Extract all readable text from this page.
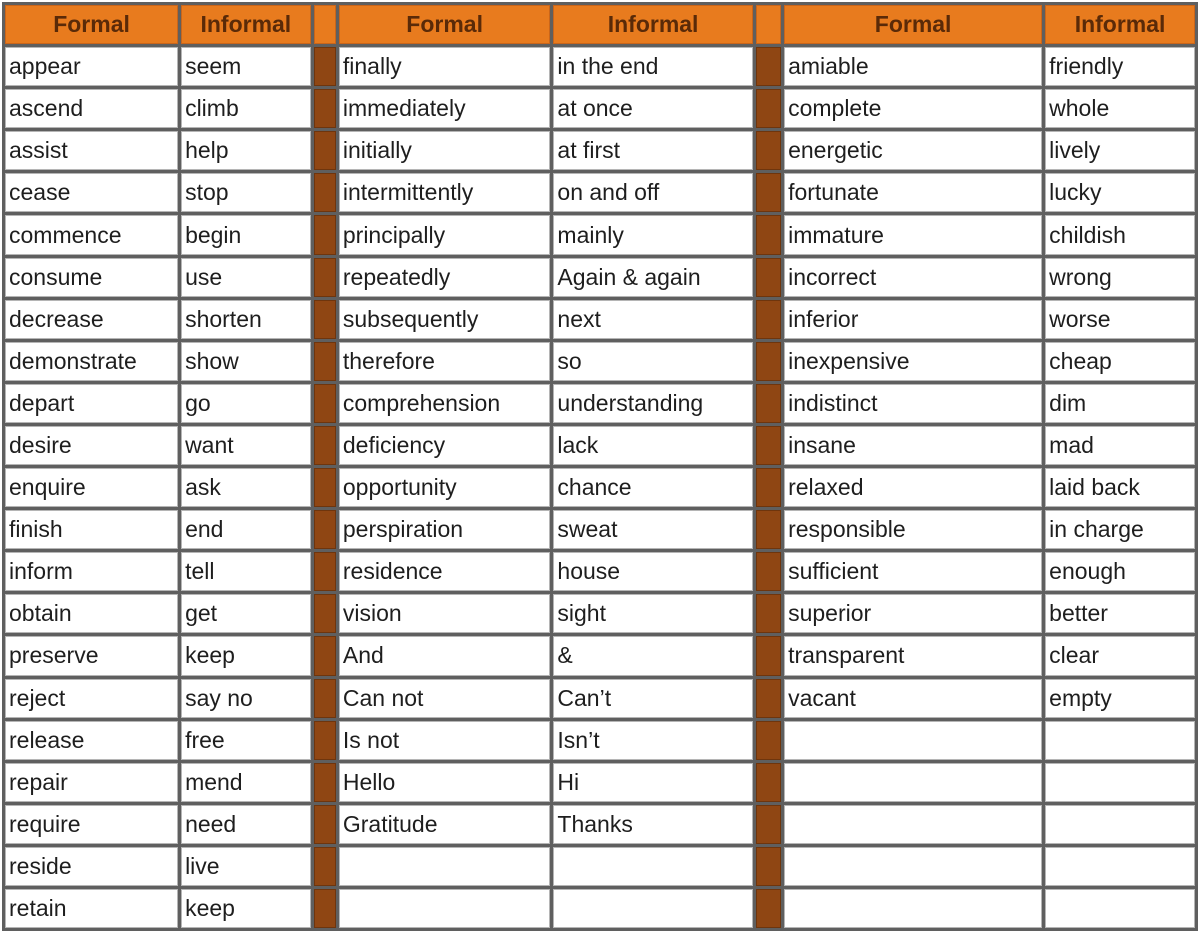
Formal	Informal		Formal	Informal		Formal	Informal
appear	seem		finally	in the end		amiable	friendly
ascend	climb		immediately	at once		complete	whole
assist	help		initially	at first		energetic	lively
cease	stop		intermittently	on and off		fortunate	lucky
commence	begin		principally	mainly		immature	childish
consume	use		repeatedly	Again & again		incorrect	wrong
decrease	shorten		subsequently	next		inferior	worse
demonstrate	show		therefore	so		inexpensive	cheap
depart	go		comprehension	understanding		indistinct	dim
desire	want		deficiency	lack		insane	mad
enquire	ask		opportunity	chance		relaxed	laid back
finish	end		perspiration	sweat		responsible	in charge
inform	tell		residence	house		sufficient	enough
obtain	get		vision	sight		superior	better
preserve	keep		And	&		transparent	clear
reject	say no		Can not	Can’t		vacant	empty
release	free		Is not	Isn’t			
repair	mend		Hello	Hi			
require	need		Gratitude	Thanks			
reside	live						
retain	keep						
